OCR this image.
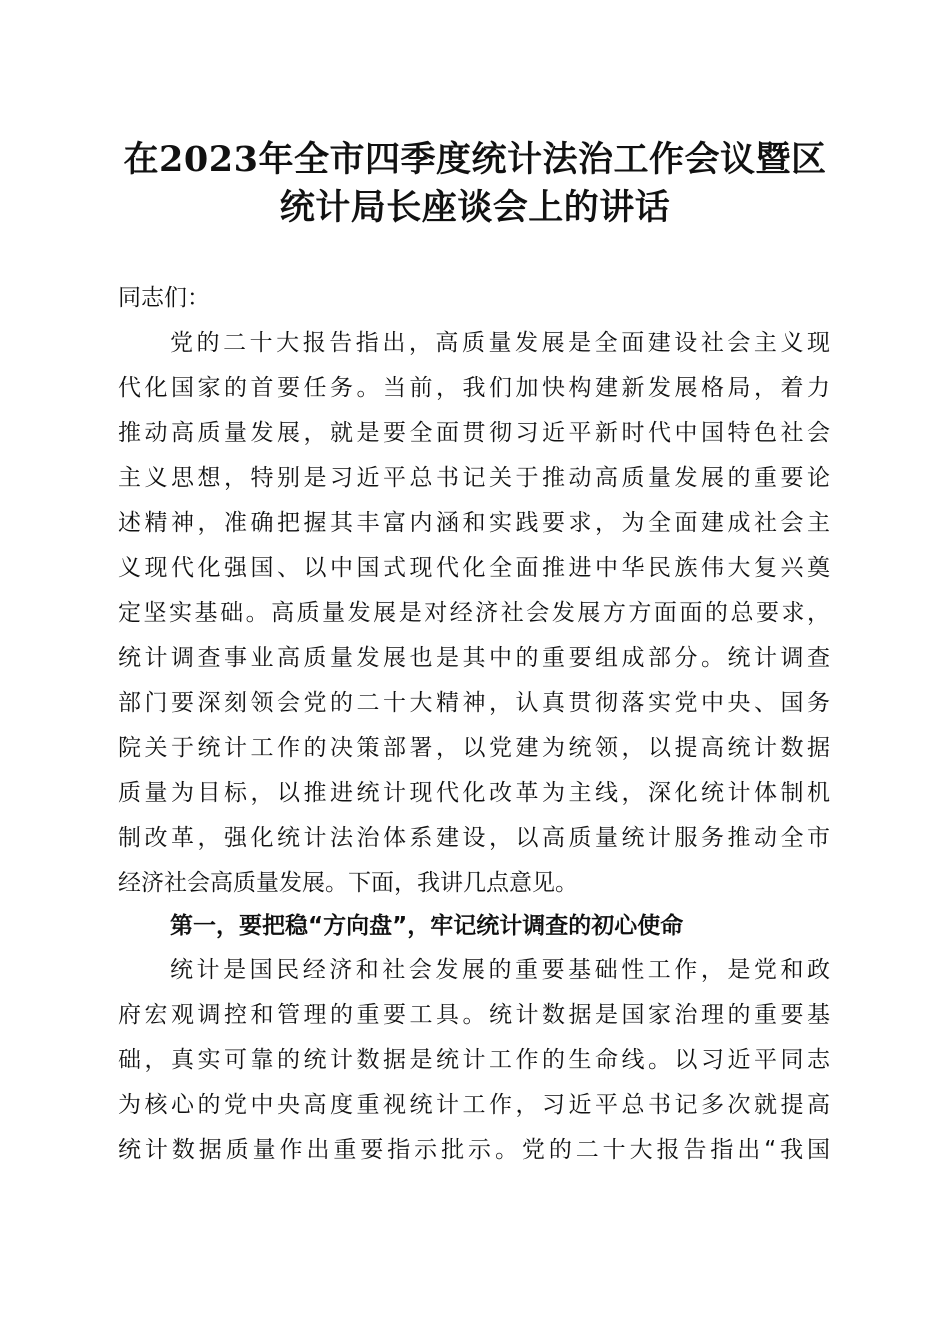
在2023年全市四季度统计法治工作会议暨区
统计局长座谈会上的讲话
同志们：
党的二十大报告指出，高质量发展是全面建设社会主义现
代化国家的首要任务。当前，我们加快构建新发展格局，着力
推动高质量发展，就是要全面贯彻习近平新时代中国特色社会
主义思想，特别是习近平总书记关于推动高质量发展的重要论
述精神，准确把握其丰富内涵和实践要求，为全面建成社会主
义现代化强国、以中国式现代化全面推进中华民族伟大复兴奠
定坚实基础。高质量发展是对经济社会发展方方面面的总要求，
统计调查事业高质量发展也是其中的重要组成部分。统计调查
部门要深刻领会党的二十大精神，认真贯彻落实党中央、国务
院关于统计工作的决策部署，以党建为统领，以提高统计数据
质量为目标，以推进统计现代化改革为主线，深化统计体制机
制改革，强化统计法治体系建设，以高质量统计服务推动全市
经济社会高质量发展。下面，我讲几点意见。
第一，要把稳“方向盘”，牢记统计调查的初心使命
统计是国民经济和社会发展的重要基础性工作，是党和政
府宏观调控和管理的重要工具。统计数据是国家治理的重要基
础，真实可靠的统计数据是统计工作的生命线。以习近平同志
为核心的党中央高度重视统计工作，习近平总书记多次就提高
统计数据质量作出重要指示批示。党的二十大报告指出“我国
